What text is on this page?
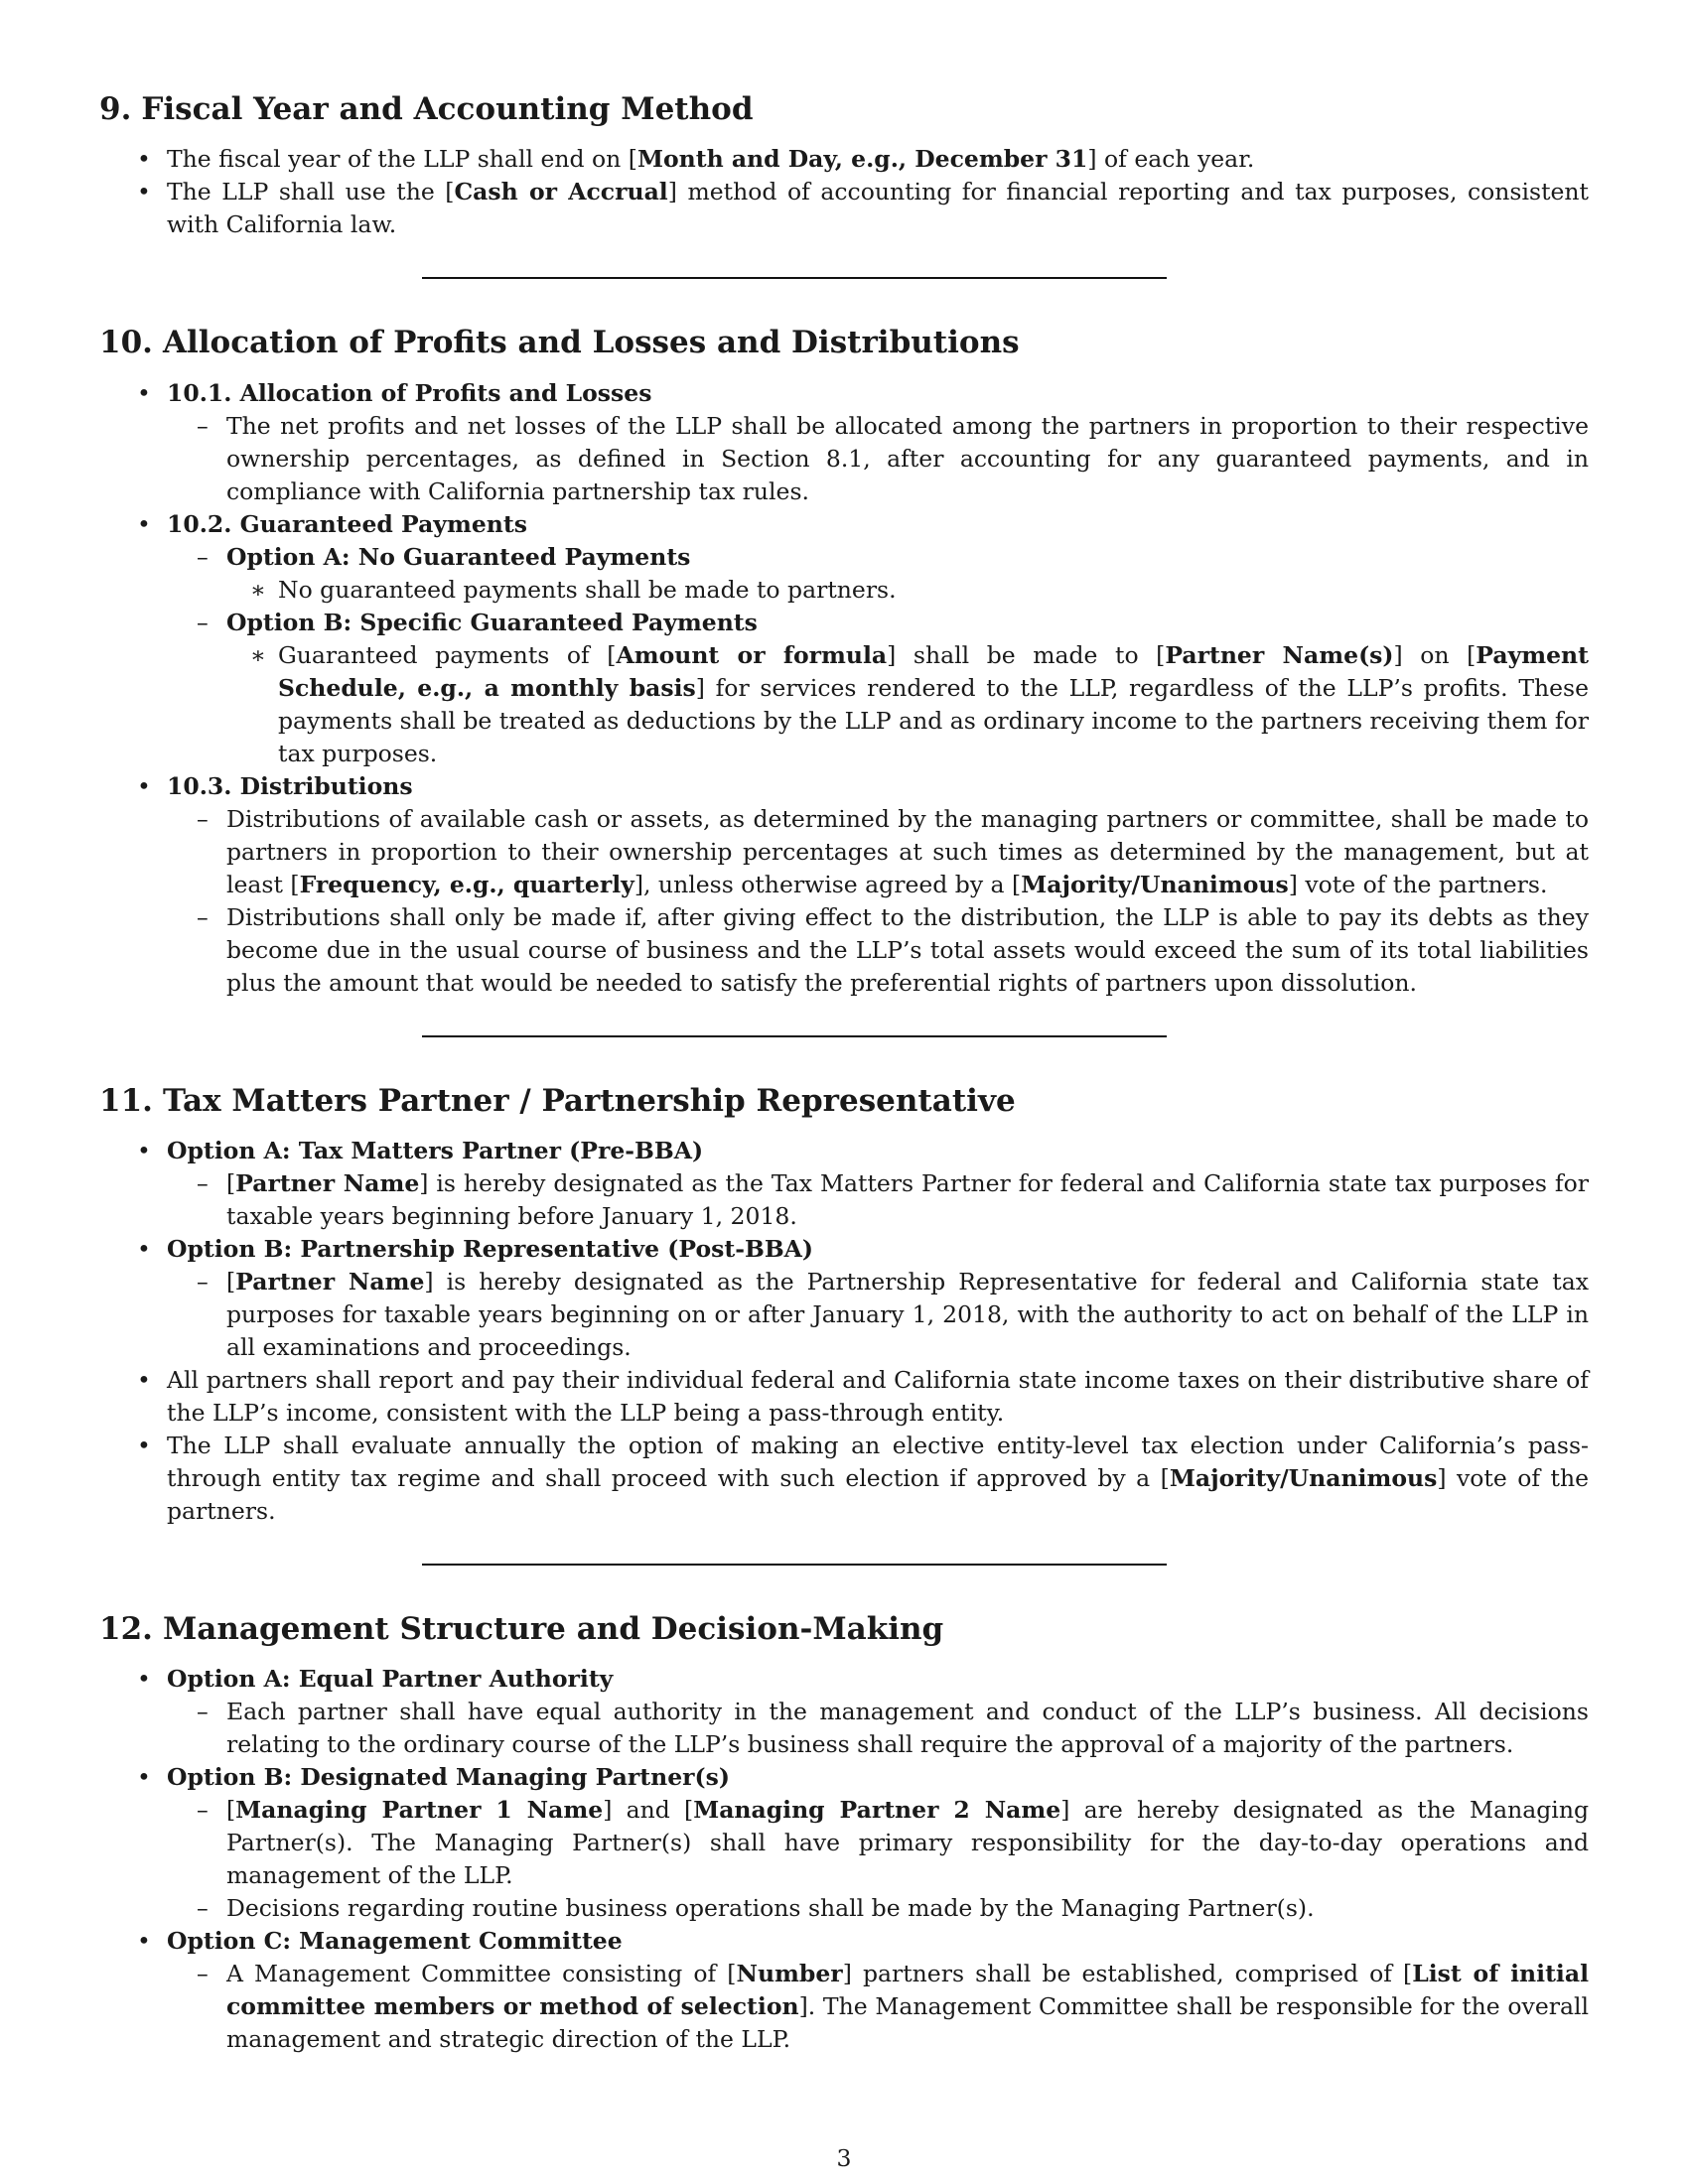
9. Fiscal Year and Accounting Method
• The fiscal year of the LLP shall end on [Month and Day, e.g., December 31] of each year.
• The LLP shall use the [Cash or Accrual] method of accounting for financial reporting and tax purposes, consistent with California law.
10. Allocation of Profits and Losses and Distributions
• 10.1. Allocation of Profits and Losses
– The net profits and net losses of the LLP shall be allocated among the partners in proportion to their respective ownership percentages, as defined in Section 8.1, after accounting for any guaranteed payments, and in compliance with California partnership tax rules.
• 10.2. Guaranteed Payments
– Option A: No Guaranteed Payments
∗ No guaranteed payments shall be made to partners.
– Option B: Specific Guaranteed Payments
∗ Guaranteed payments of [Amount or formula] shall be made to [Partner Name(s)] on [Payment Schedule, e.g., a monthly basis] for services rendered to the LLP, regardless of the LLP’s profits. These payments shall be treated as deductions by the LLP and as ordinary income to the partners receiving them for tax purposes.
• 10.3. Distributions
– Distributions of available cash or assets, as determined by the managing partners or committee, shall be made to partners in proportion to their ownership percentages at such times as determined by the management, but at least [Frequency, e.g., quarterly], unless otherwise agreed by a [Majority/Unanimous] vote of the partners.
– Distributions shall only be made if, after giving effect to the distribution, the LLP is able to pay its debts as they become due in the usual course of business and the LLP’s total assets would exceed the sum of its total liabilities plus the amount that would be needed to satisfy the preferential rights of partners upon dissolution.
11. Tax Matters Partner / Partnership Representative
• Option A: Tax Matters Partner (Pre-BBA)
– [Partner Name] is hereby designated as the Tax Matters Partner for federal and California state tax purposes for taxable years beginning before January 1, 2018.
• Option B: Partnership Representative (Post-BBA)
– [Partner Name] is hereby designated as the Partnership Representative for federal and California state tax purposes for taxable years beginning on or after January 1, 2018, with the authority to act on behalf of the LLP in all examinations and proceedings.
• All partners shall report and pay their individual federal and California state income taxes on their distributive share of the LLP’s income, consistent with the LLP being a pass-through entity.
• The LLP shall evaluate annually the option of making an elective entity-level tax election under California’s pass-through entity tax regime and shall proceed with such election if approved by a [Majority/Unanimous] vote of the partners.
12. Management Structure and Decision-Making
• Option A: Equal Partner Authority
– Each partner shall have equal authority in the management and conduct of the LLP’s business. All decisions relating to the ordinary course of the LLP’s business shall require the approval of a majority of the partners.
• Option B: Designated Managing Partner(s)
– [Managing Partner 1 Name] and [Managing Partner 2 Name] are hereby designated as the Managing Partner(s). The Managing Partner(s) shall have primary responsibility for the day-to-day operations and management of the LLP.
– Decisions regarding routine business operations shall be made by the Managing Partner(s).
• Option C: Management Committee
– A Management Committee consisting of [Number] partners shall be established, comprised of [List of initial committee members or method of selection]. The Management Committee shall be responsible for the overall management and strategic direction of the LLP.
3
